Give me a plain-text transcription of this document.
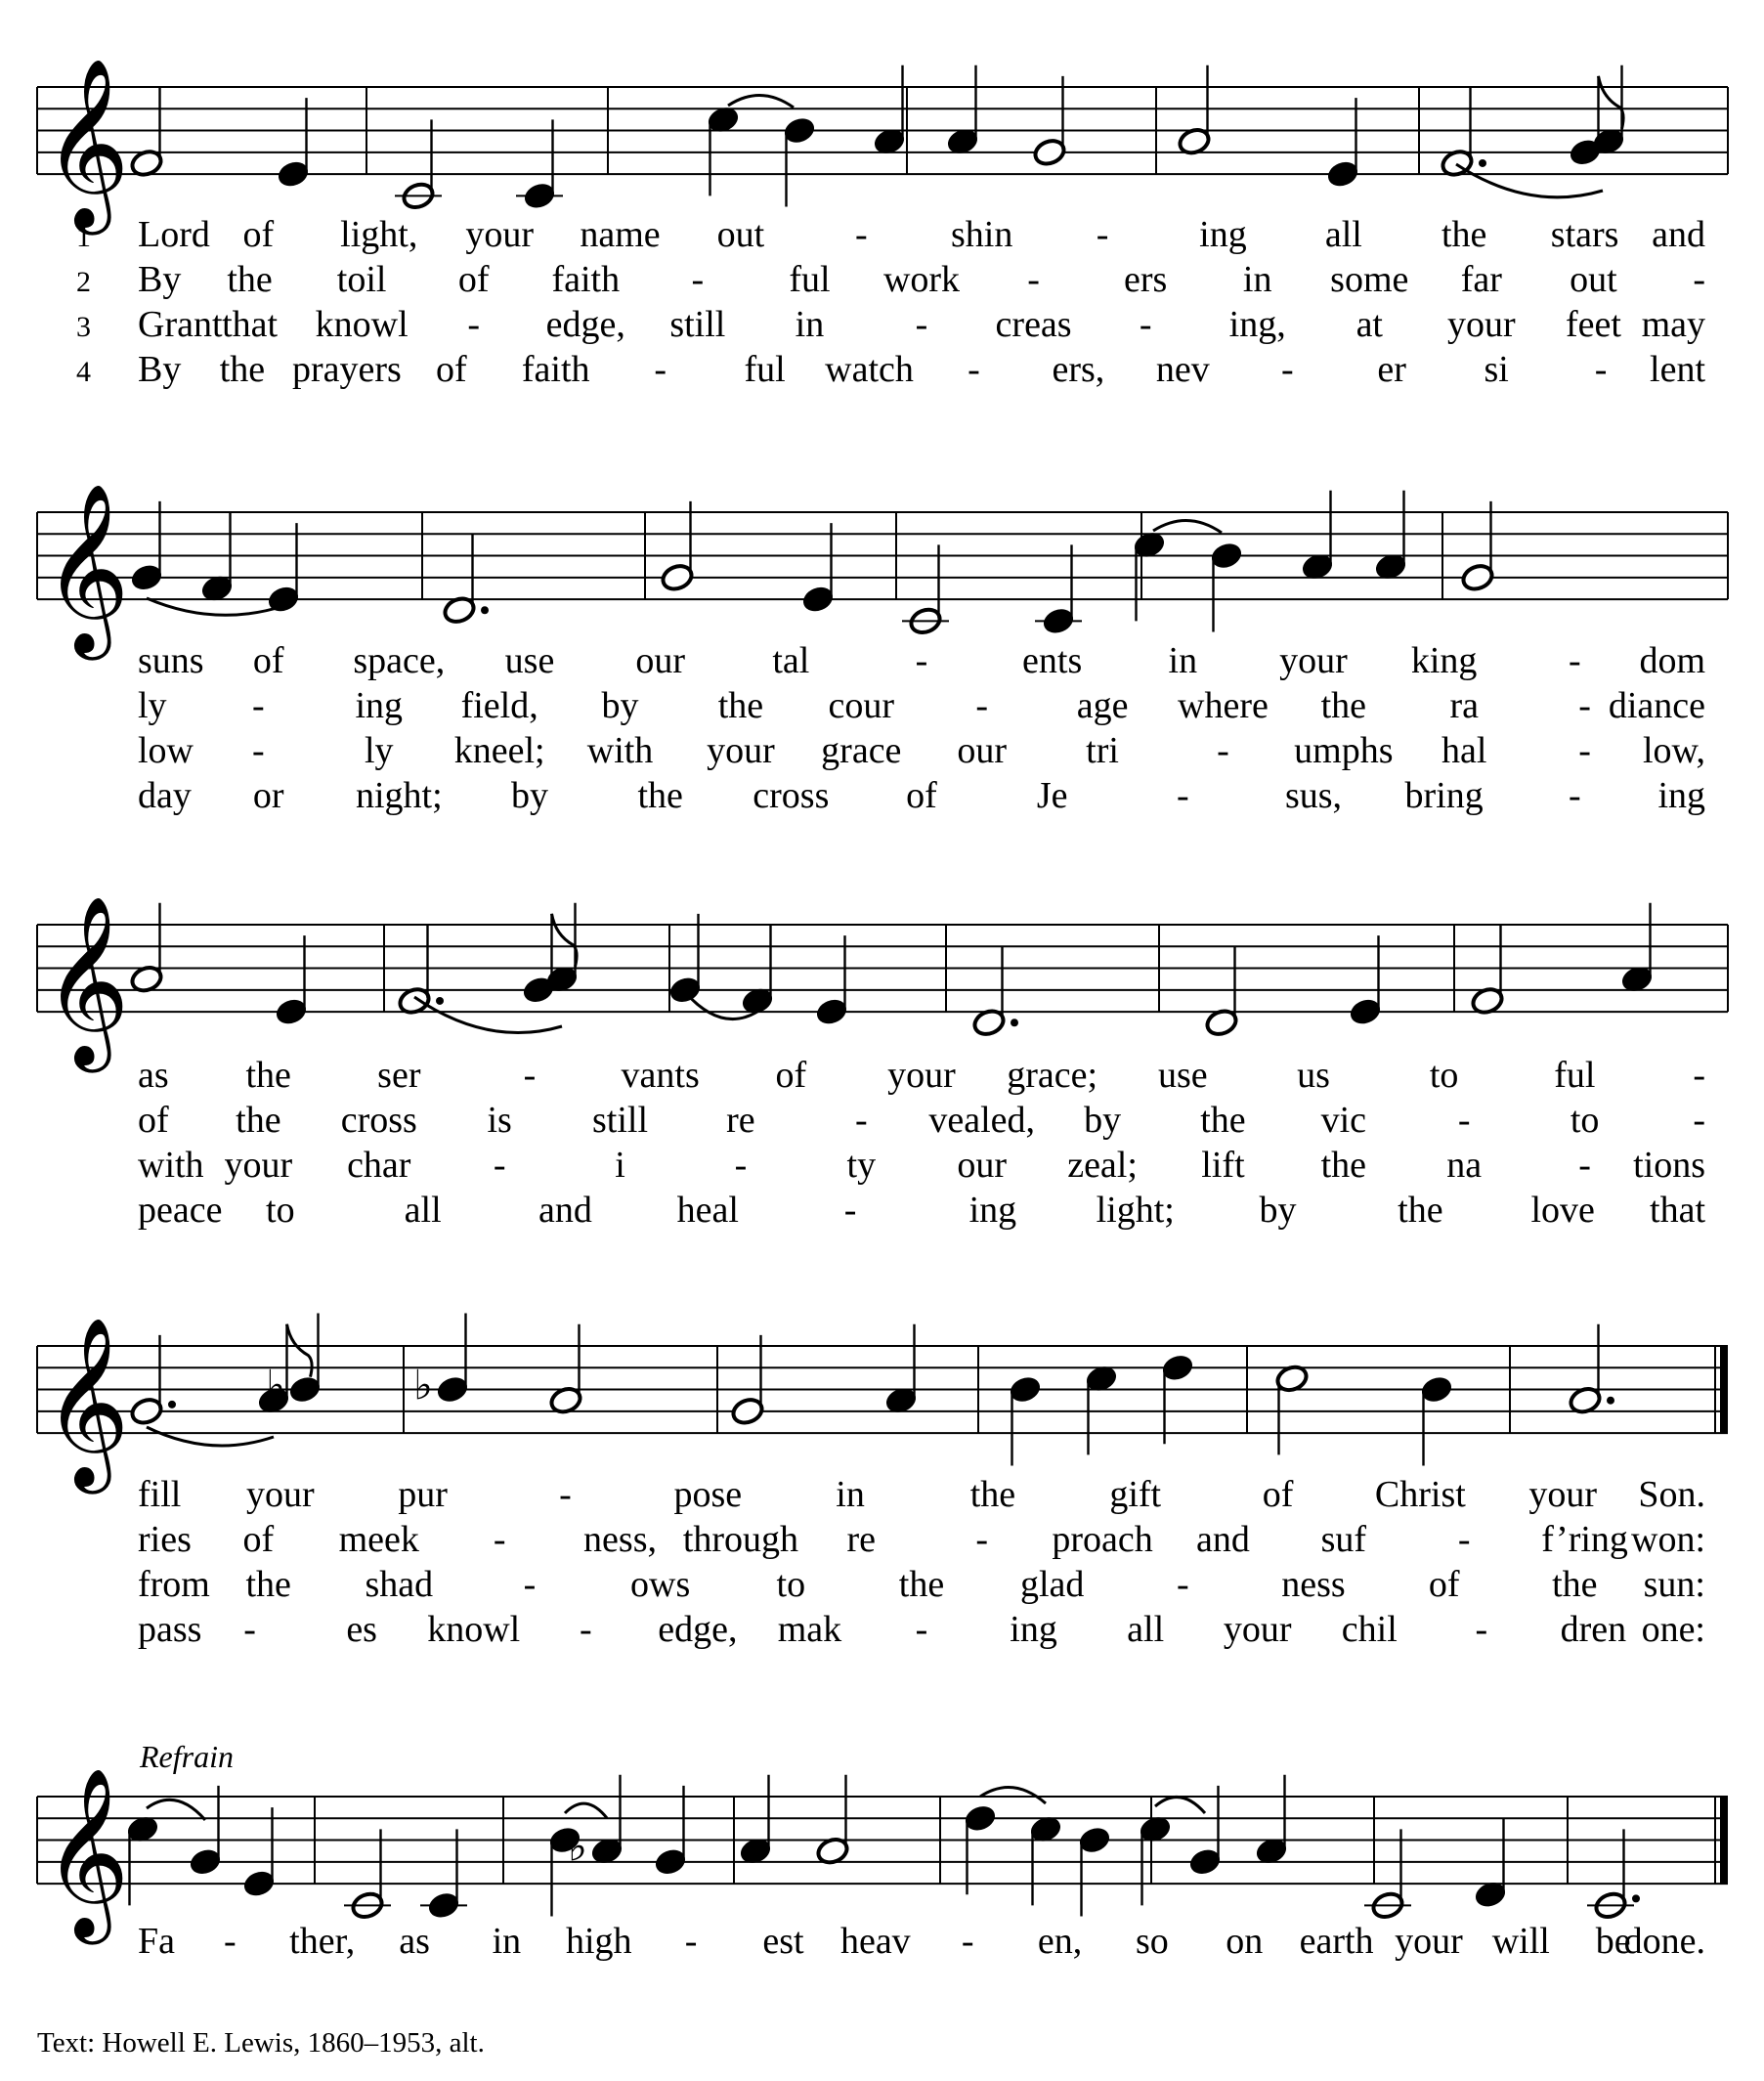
𝄞
𝄞
𝄞
𝄞
𝄞
♭	♭
♭
1 Lord of light, your name out - shin - ing all the stars and
2 By the toil of faith - ful work - ers in some far out -
3 Grant that knowl - edge, still in - creas - ing, at your feet may
4 By the prayers of faith - ful watch - ers, nev - er si - lent
suns of space, use our tal	-	ents in your king - dom
ly - ing field, by the cour - age where the ra	- diance
low -	ly kneel; with your grace our tri	- umphs hal - low,
day or night; by the cross of	Je	-	sus, bring - ing
as the ser	- vants of your grace; use us	to	ful	-
of the cross is still re	- vealed, by the vic -	to	-
with your char -	i	-	ty our zeal; lift the na	- tions
peace to	all	and heal	-	ing light; by	the love that
fill your pur	-	pose	in	the	gift	of Christ your Son.
ries of meek - ness, through re	- proach and suf - f’ring won:
from the shad -	ows to	the glad - ness of the sun:
pass - es knowl - edge, mak - ing all your chil - dren one:
Fa - ther, as in high - est heav - en, so on earth your will be
done.
Refrain
Text: Howell E. Lewis, 1860–1953, alt.
